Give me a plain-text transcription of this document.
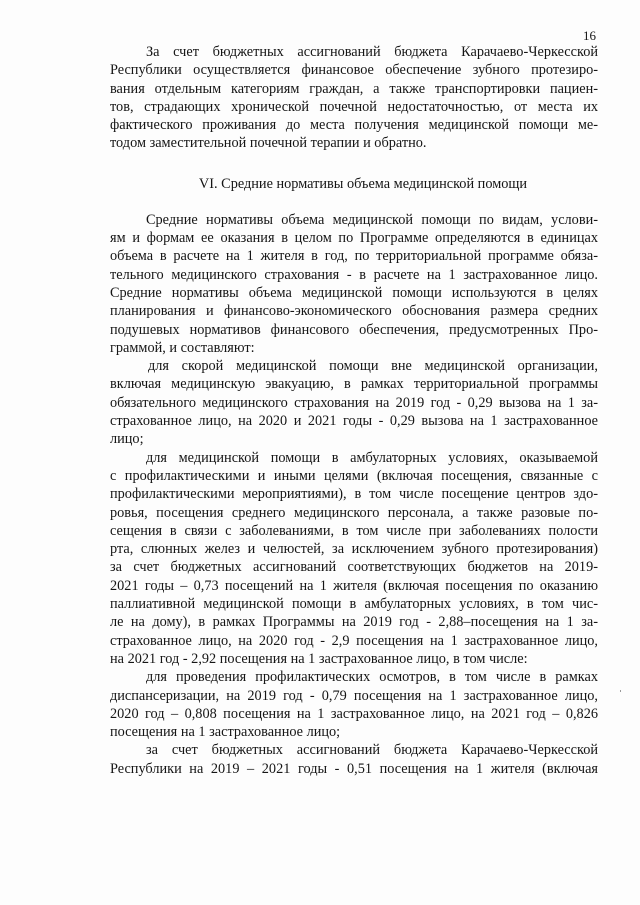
16
За счет бюджетных ассигнований бюджета Карачаево-Черкесской
Республики осуществляется финансовое обеспечение зубного протезиро-
вания отдельным категориям граждан, а также транспортировки пациен-
тов, страдающих хронической почечной недостаточностью, от места их
фактического проживания до места получения медицинской помощи ме-
тодом заместительной почечной терапии и обратно.
VI. Средние нормативы объема медицинской помощи
Средние нормативы объема медицинской помощи по видам, услови-
ям и формам ее оказания в целом по Программе определяются в единицах
объема в расчете на 1 жителя в год, по территориальной программе обяза-
тельного медицинского страхования - в расчете на 1 застрахованное лицо.
Средние нормативы объема медицинской помощи используются в целях
планирования и финансово-экономического обоснования размера средних
подушевых нормативов финансового обеспечения, предусмотренных Про-
граммой, и составляют:
для скорой медицинской помощи вне медицинской организации,
включая медицинскую эвакуацию, в рамках территориальной программы
обязательного медицинского страхования на 2019 год - 0,29 вызова на 1 за-
страхованное лицо, на 2020 и 2021 годы - 0,29 вызова на 1 застрахованное
лицо;
для медицинской помощи в амбулаторных условиях, оказываемой
с профилактическими и иными целями (включая посещения, связанные с
профилактическими мероприятиями), в том числе посещение центров здо-
ровья, посещения среднего медицинского персонала, а также разовые по-
сещения в связи с заболеваниями, в том числе при заболеваниях полости
рта, слюнных желез и челюстей, за исключением зубного протезирования)
за счет бюджетных ассигнований соответствующих бюджетов на 2019-
2021 годы – 0,73 посещений на 1 жителя (включая посещения по оказанию
паллиативной медицинской помощи в амбулаторных условиях, в том чис-
ле на дому), в рамках Программы на 2019 год - 2,88–посещения на 1 за-
страхованное лицо, на 2020 год - 2,9 посещения на 1 застрахованное лицо,
на 2021 год - 2,92 посещения на 1 застрахованное лицо, в том числе:
для проведения профилактических осмотров, в том числе в рамках
диспансеризации, на 2019 год - 0,79 посещения на 1 застрахованное лицо,
2020 год – 0,808 посещения на 1 застрахованное лицо, на 2021 год – 0,826
посещения на 1 застрахованное лицо;
за счет бюджетных ассигнований бюджета Карачаево-Черкесской
Республики на 2019 – 2021 годы - 0,51 посещения на 1 жителя (включая
